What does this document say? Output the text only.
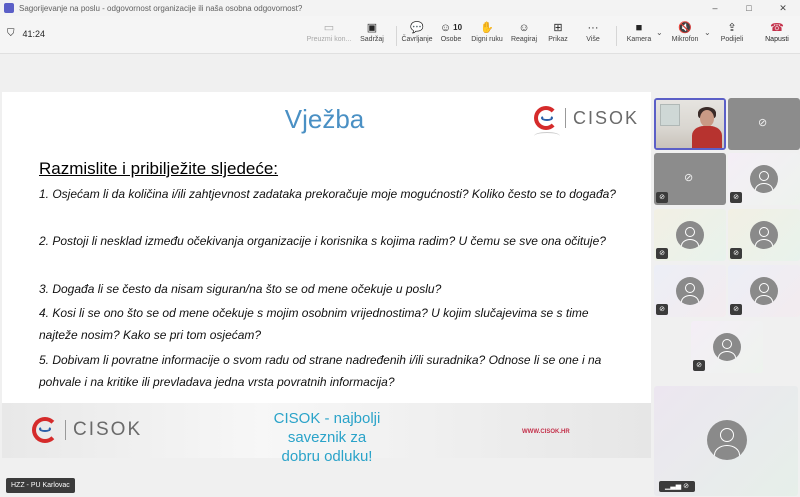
Sagorijevanje na poslu - odgovornost organizacije ili naša osobna odgovornost?	–	□	✕
⛉ 41:24	▭
Preuzmi kon...
▣
Sadržaj
💬
Čavrljanje
☺ 10
Osobe
✋
Digni ruku
☺
Reagiraj
⊞
Prikaz
···
Više
■
Kamera
⌄ 🔇
Mikrofon
⌄ ⇪
Podijeli
☎
Napusti
Vježba	CISOK
Razmislite i pribilježite sljedeće:
1. Osjećam li da količina i/ili zahtjevnost zadataka prekoračuje moje mogućnosti? Koliko često se to događa?
2. Postoji li nesklad između očekivanja organizacije i korisnika s kojima radim? U čemu se sve ona očituje?
3. Događa li se često da nisam siguran/na što se od mene očekuje u poslu?
4. Kosi li se ono što se od mene očekuje s mojim osobnim vrijednostima? U kojim slučajevima se s time najteže nosim? Kako se pri tom osjećam?
5. Dobivam li povratne informacije o svom radu od strane nadređenih i/ili suradnika? Odnose li se one i na pohvale i na kritike ili prevladava jedna vrsta povratnih informacija?
CISOK
CISOK - najbolji
saveznik za
dobru odluku!
WWW.CISOK.HR
HZZ - PU Karlovac
⊘
⊘
⊘	⊘
⊘	⊘
⊘	⊘
⊘
▁▃▅ ⊘
